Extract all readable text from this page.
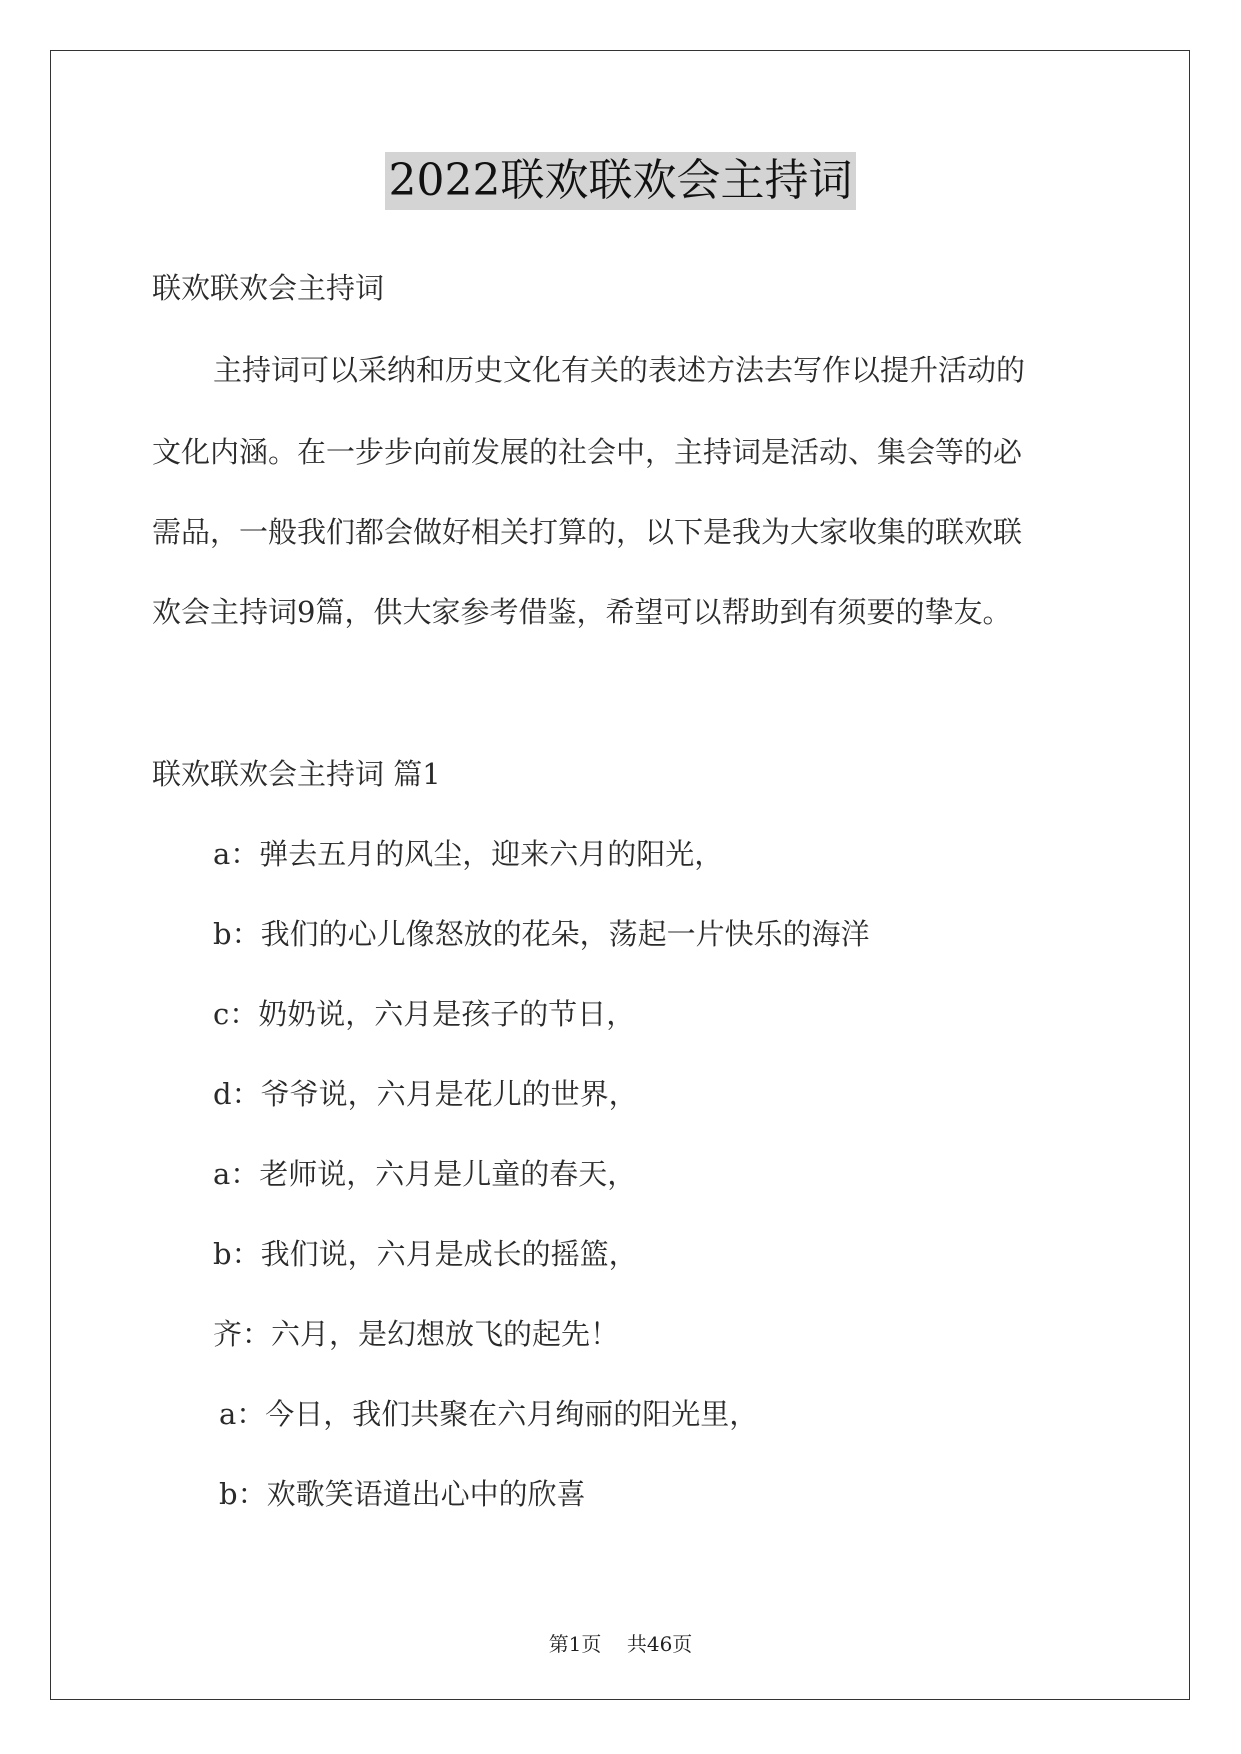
2022联欢联欢会主持词
联欢联欢会主持词
主持词可以采纳和历史文化有关的表述方法去写作以提升活动的
文化内涵。在一步步向前发展的社会中，主持词是活动、集会等的必
需品，一般我们都会做好相关打算的，以下是我为大家收集的联欢联
欢会主持词9篇，供大家参考借鉴，希望可以帮助到有须要的挚友。
联欢联欢会主持词 篇1
a：弹去五月的风尘，迎来六月的阳光，
b：我们的心儿像怒放的花朵，荡起一片快乐的海洋
c：奶奶说，六月是孩子的节日，
d：爷爷说，六月是花儿的世界，
a：老师说，六月是儿童的春天，
b：我们说，六月是成长的摇篮，
齐：六月，是幻想放飞的起先！
a：今日，我们共聚在六月绚丽的阳光里，
b：欢歌笑语道出心中的欣喜
第1页 共46页
